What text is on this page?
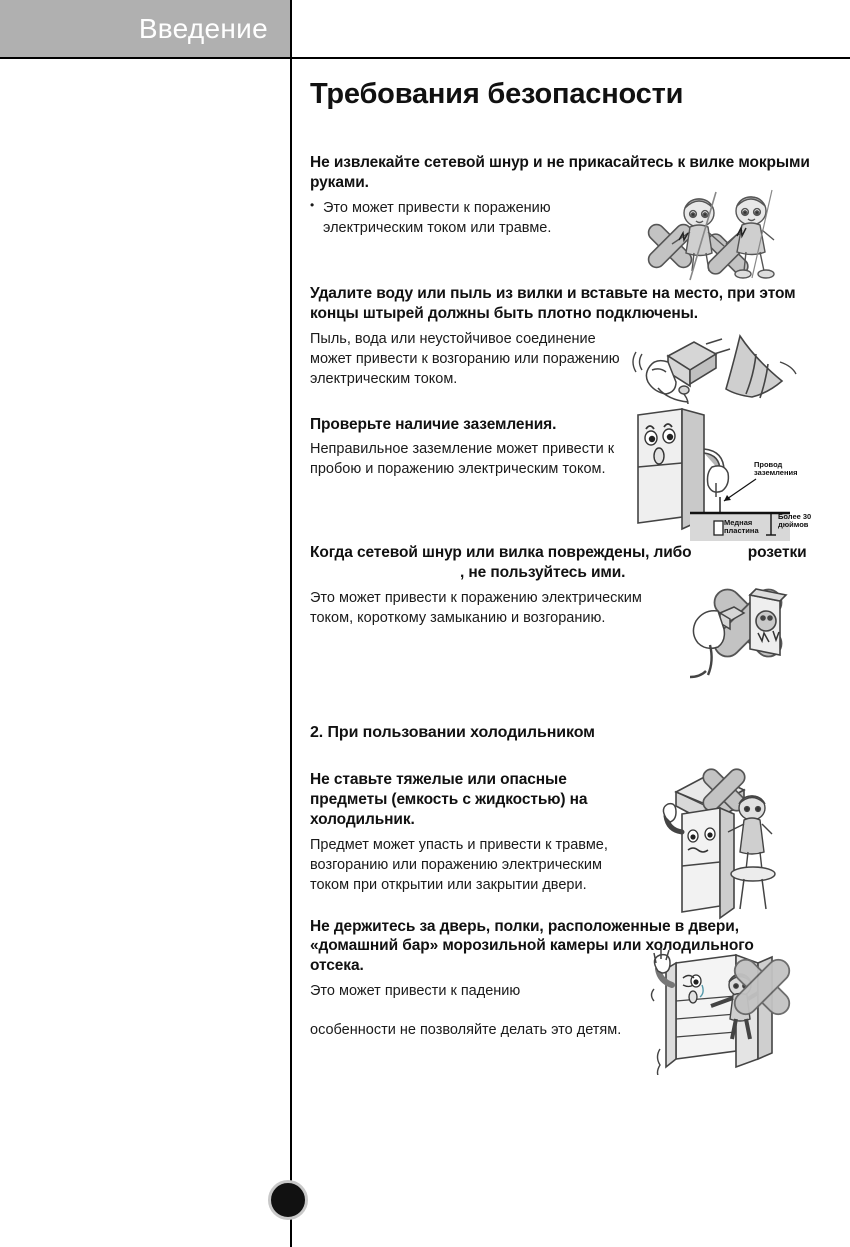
Введение
Требования безопасности

Не извлекайте сетевой шнур и не прикасайтесь к вилке мокрыми руками.

• Это может привести к поражению электрическим током или травме.

Удалите воду или пыль из вилки и вставьте на место, при этом концы штырей должны быть плотно подключены.

Пыль, вода или неустойчивое соединение может привести к возгоранию или поражению электрическим током.

Проверьте наличие заземления.

Неправильное заземление может привести к пробою и поражению электрическим током.	Провод заземления
Медная пластина
Более 30 дюймов

Когда сетевой шнур или вилка повреждены, либо	розетки, не пользуйтесь ими.

Это может привести к поражению электрическим током, короткому замыканию и возгоранию.

2. При пользовании холодильником

Не ставьте тяжелые или опасные предметы (емкость с жидкостью) на холодильник.

Предмет может упасть и привести к травме, возгоранию или поражению электрическим током при открытии или закрытии двери.

Не держитесь за дверь, полки, расположенные в двери, «домашний бар» морозильной камеры или холодильного отсека.

Это может привести к падению

особенности не позволяйте делать это детям.
